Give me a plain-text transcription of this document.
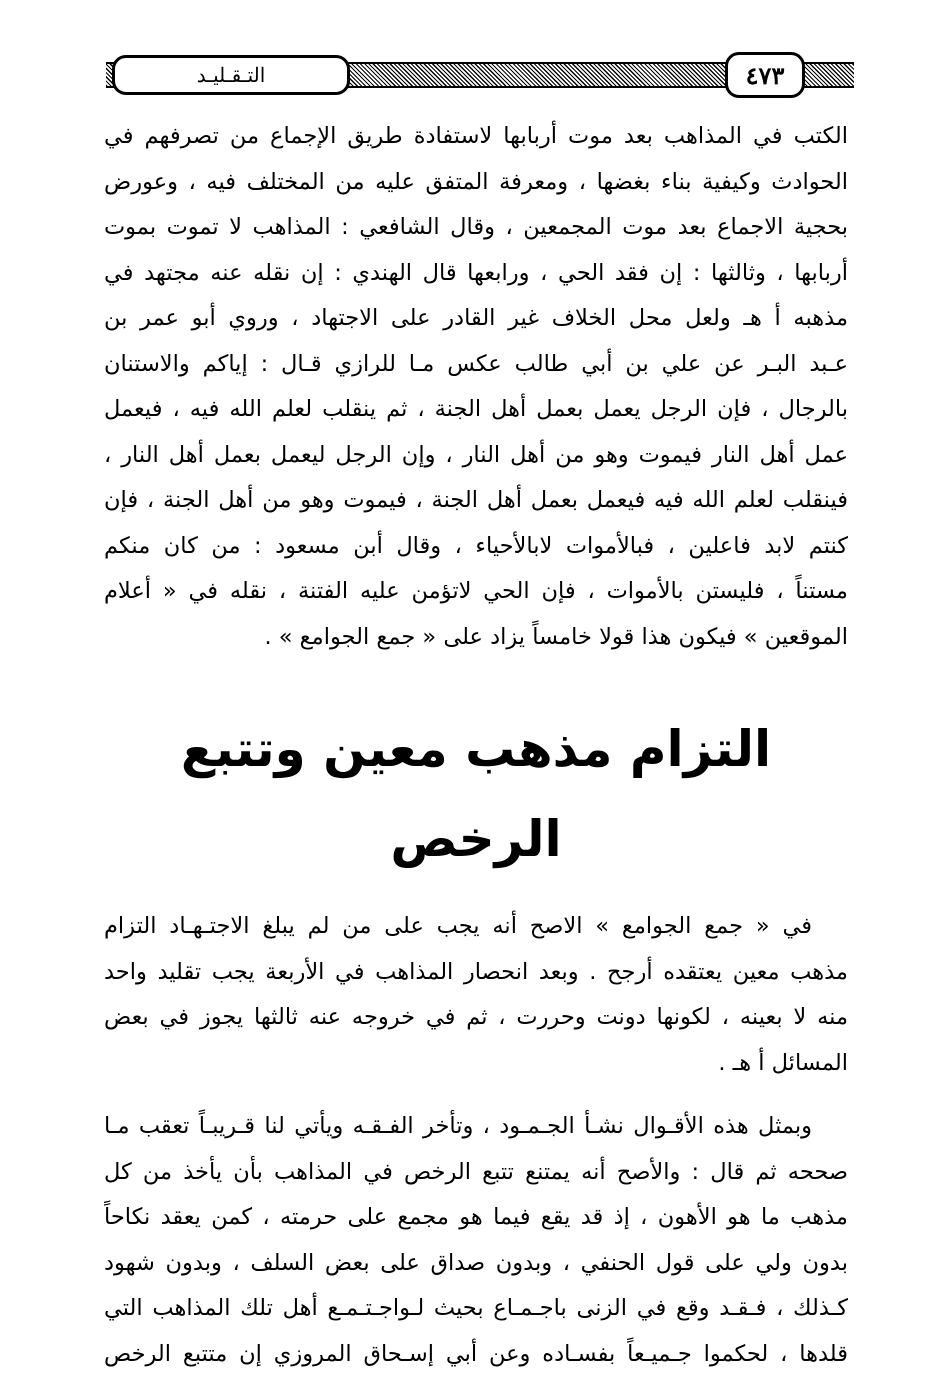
التـقـليـد	٤٧٣
الكتب في المذاهب بعد موت أربابها لاستفادة طريق الإجماع من تصرفهم في
الحوادث وكيفية بناء بغضها ، ومعرفة المتفق عليه من المختلف فيه ، وعورض
بحجية الاجماع بعد موت المجمعين ، وقال الشافعي : المذاهب لا تموت بموت
أربابها ، وثالثها : إن فقد الحي ، ورابعها قال الهندي : إن نقله عنه مجتهد في
مذهبه أ هـ ولعل محل الخلاف غير القادر على الاجتهاد ، وروي أبو عمر بن
عـبد البـر عن علي بن أبي طالب عكس مـا للرازي قـال : إياكم والاستنان
بالرجال ، فإن الرجل يعمل بعمل أهل الجنة ، ثم ينقلب لعلم الله فيه ، فيعمل
عمل أهل النار فيموت وهو من أهل النار ، وإن الرجل ليعمل بعمل أهل النار ،
فينقلب لعلم الله فيه فيعمل بعمل أهل الجنة ، فيموت وهو من أهل الجنة ، فإن
كنتم لابد فاعلين ، فبالأموات لابالأحياء ، وقال أبن مسعود : من كان منكم
مستناً ، فليستن بالأموات ، فإن الحي لاتؤمن عليه الفتنة ، نقله في « أعلام
الموقعين » فيكون هذا قولا خامساً يزاد على « جمع الجوامع » .
التزام مذهب معين وتتبع الرخص
في « جمع الجوامع » الاصح أنه يجب على من لم يبلغ الاجتـهـاد التزام
مذهب معين يعتقده أرجح . وبعد انحصار المذاهب في الأربعة يجب تقليد واحد
منه لا بعينه ، لكونها دونت وحررت ، ثم في خروجه عنه ثالثها يجوز في بعض
المسائل أ هـ .
وبمثل هذه الأقـوال نشـأ الجـمـود ، وتأخر الفـقـه ويأتي لنا قـريبـاً تعقب مـا
صححه ثم قال : والأصح أنه يمتنع تتبع الرخص في المذاهب بأن يأخذ من كل
مذهب ما هو الأهون ، إذ قد يقع فيما هو مجمع على حرمته ، كمن يعقد نكاحاً
بدون ولي على قول الحنفي ، وبدون صداق على بعض السلف ، وبدون شهود
كـذلك ، فـقـد وقع في الزنى باجـمـاع بحيث لـواجـتـمـع أهل تلك المذاهب التي
قلدها ، لحكموا جـميـعاً بفسـاده وعن أبي إسـحاق المروزي إن متتبع الرخص
